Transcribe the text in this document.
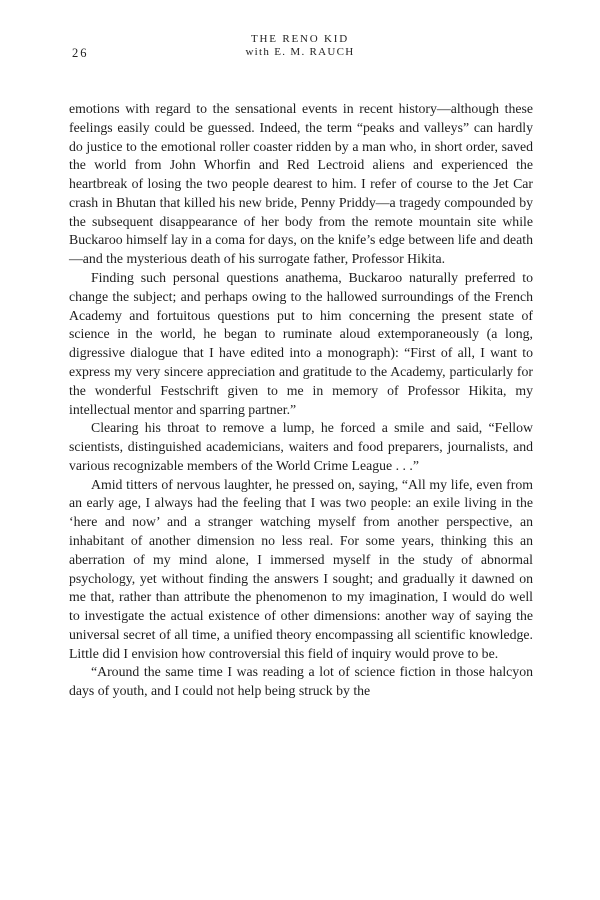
26
THE RENO KID
with E. M. RAUCH

emotions with regard to the sensational events in recent history—although these feelings easily could be guessed. Indeed, the term “peaks and valleys” can hardly do justice to the emotional roller coaster ridden by a man who, in short order, saved the world from John Whorfin and Red Lectroid aliens and experienced the heartbreak of losing the two people dearest to him. I refer of course to the Jet Car crash in Bhutan that killed his new bride, Penny Priddy—a tragedy compounded by the subsequent disappearance of her body from the remote mountain site while Buckaroo himself lay in a coma for days, on the knife’s edge between life and death—and the mysterious death of his surrogate father, Professor Hikita.

Finding such personal questions anathema, Buckaroo naturally preferred to change the subject; and perhaps owing to the hallowed surroundings of the French Academy and fortuitous questions put to him concerning the present state of science in the world, he began to ruminate aloud extemporaneously (a long, digressive dialogue that I have edited into a monograph): “First of all, I want to express my very sincere appreciation and gratitude to the Academy, particularly for the wonderful Festschrift given to me in memory of Professor Hikita, my intellectual mentor and sparring partner.”

Clearing his throat to remove a lump, he forced a smile and said, “Fellow scientists, distinguished academicians, waiters and food preparers, journalists, and various recognizable members of the World Crime League . . .”

Amid titters of nervous laughter, he pressed on, saying, “All my life, even from an early age, I always had the feeling that I was two people: an exile living in the ‘here and now’ and a stranger watching myself from another perspective, an inhabitant of another dimension no less real. For some years, thinking this an aberration of my mind alone, I immersed myself in the study of abnormal psychology, yet without finding the answers I sought; and gradually it dawned on me that, rather than attribute the phenomenon to my imagination, I would do well to investigate the actual existence of other dimensions: another way of saying the universal secret of all time, a unified theory encompassing all scientific knowledge. Little did I envision how controversial this field of inquiry would prove to be.

“Around the same time I was reading a lot of science fiction in those halcyon days of youth, and I could not help being struck by the
